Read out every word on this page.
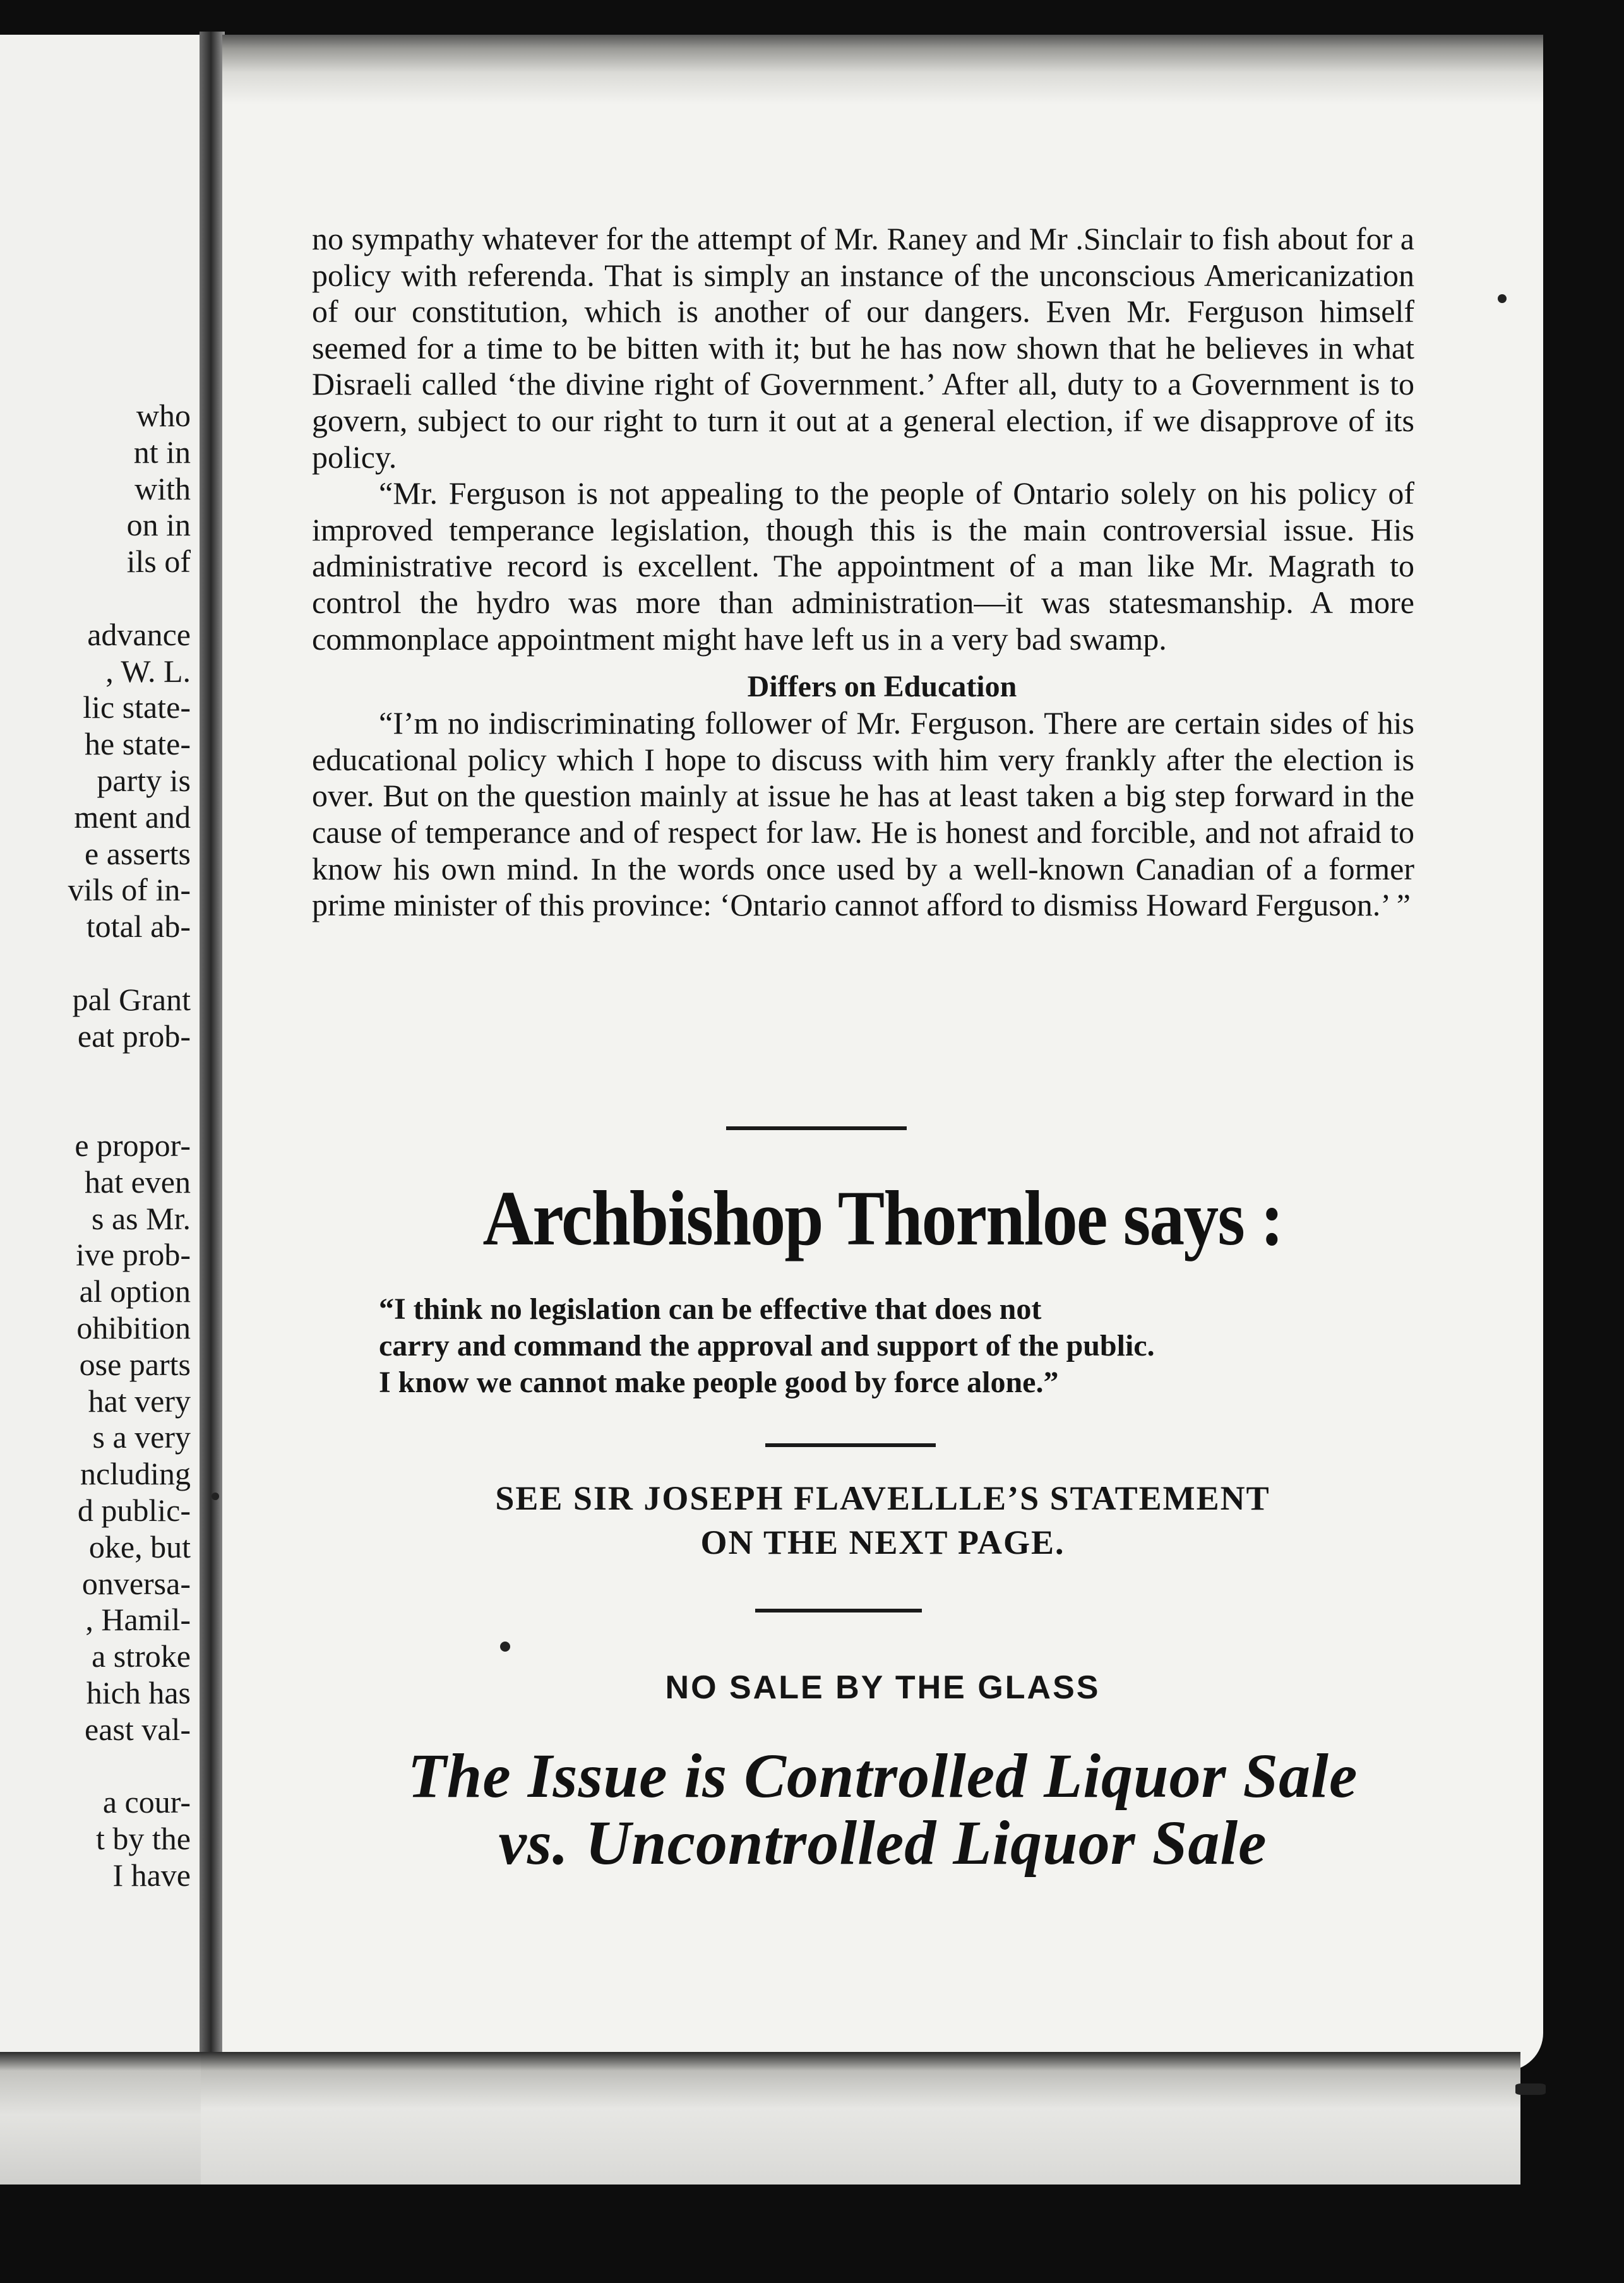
who
nt in
with
on in
ils of
advance
, W. L.
lic state-
he state-
party is
ment and
e asserts
vils of in-
total ab-
pal Grant
eat prob-
e propor-
hat even
s as Mr.
ive prob-
al option
ohibition
ose parts
hat very
s a very
ncluding
d public-
oke, but
onversa-
, Hamil-
a stroke
hich has
east val-
a cour-
t by the
I have

no sympathy whatever for the attempt of Mr. Raney and Mr .Sinclair to fish about for a policy with referenda. That is simply an instance of the unconscious Americanization of our constitution, which is another of our dangers. Even Mr. Ferguson himself seemed for a time to be bitten with it; but he has now shown that he believes in what Disraeli called ‘the divine right of Government.’ After all, duty to a Government is to govern, subject to our right to turn it out at a general election, if we disapprove of its policy.

“Mr. Ferguson is not appealing to the people of Ontario solely on his policy of improved temperance legislation, though this is the main controversial issue. His administrative record is excellent. The appointment of a man like Mr. Magrath to control the hydro was more than administration—it was statesmanship. A more commonplace appointment might have left us in a very bad swamp.

Differs on Education

“I’m no indiscriminating follower of Mr. Ferguson. There are certain sides of his educational policy which I hope to discuss with him very frankly after the election is over. But on the question mainly at issue he has at least taken a big step forward in the cause of temperance and of respect for law. He is honest and forcible, and not afraid to know his own mind. In the words once used by a well-known Canadian of a former prime minister of this province: ‘Ontario cannot afford to dismiss Howard Ferguson.’ ”

Archbishop Thornloe says :
“I think no legislation can be effective that does not
carry and command the approval and support of the public.
I know we cannot make people good by force alone.”
SEE SIR JOSEPH FLAVELLLE’S STATEMENT
ON THE NEXT PAGE.
NO SALE BY THE GLASS
The Issue is Controlled Liquor Sale
vs. Uncontrolled Liquor Sale
